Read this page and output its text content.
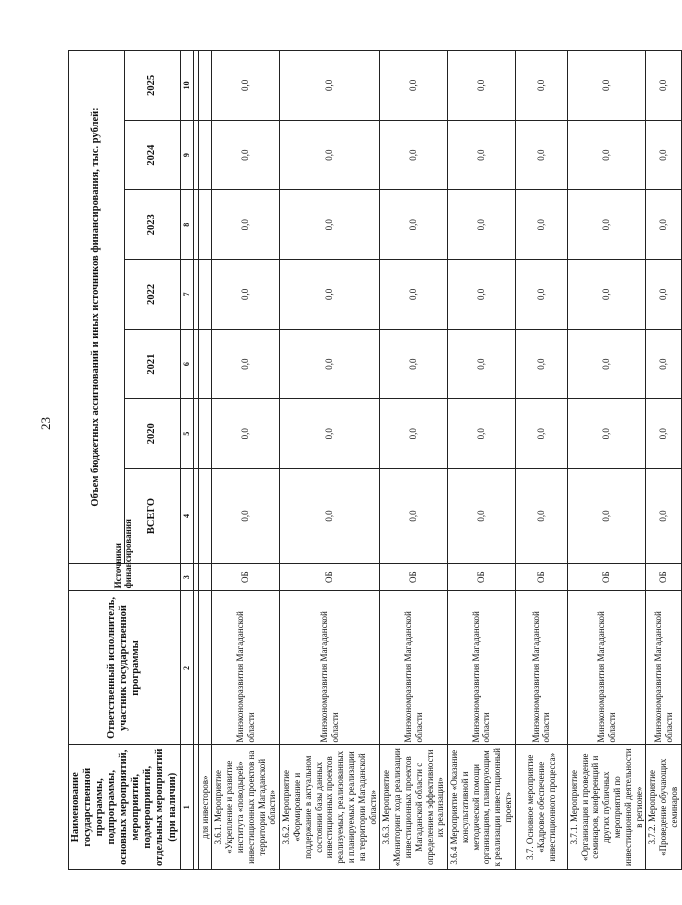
23
Наименование государственной программы, подпрограммы, основных мероприятий, мероприятий, подмероприятий, отдельных мероприятий (при наличии)	Ответственный исполнитель, участник государственной программы	Источники финансирования	Объем бюджетных ассигнований и иных источников финансирования, тыс. рублей:						
			ВСЕГО	2020	2021	2022	2023	2024	2025
1	2	3	4	5	6	7	8	9	10

для инвесторов»									
3.6.1. Мероприятие «Укрепление и развитие института «поводырей» инвестиционных проектов на территории Магаданской области»	Минэкономразвития Магаданской области	ОБ	0,0	0,0	0,0	0,0	0,0	0,0	0,0
3.6.2. Мероприятие «Формирование и поддержание в актуальном состоянии базы данных инвестиционных проектов реализуемых, реализованных и планируемых к реализации на территории Магаданской области»	Минэкономразвития Магаданской области	ОБ	0,0	0,0	0,0	0,0	0,0	0,0	0,0
3.6.3. Мероприятие «Мониторинг хода реализации инвестиционных проектов Магаданской области с определением эффективности их реализации»	Минэкономразвития Магаданской области	ОБ	0,0	0,0	0,0	0,0	0,0	0,0	0,0
3.6.4 Мероприятие «Оказание консультативной и методической помощи организациям, планирующим к реализации инвестиционный проект»	Минэкономразвития Магаданской области	ОБ	0,0	0,0	0,0	0,0	0,0	0,0	0,0
3.7. Основное мероприятие «Кадровое обеспечение инвестиционного процесса»	Минэкономразвития Магаданской области	ОБ	0,0	0,0	0,0	0,0	0,0	0,0	0,0
3.7.1. Мероприятие «Организация и проведение семинаров, конференций и других публичных мероприятий по инвестиционной деятельности в регионе»	Минэкономразвития Магаданской области	ОБ	0,0	0,0	0,0	0,0	0,0	0,0	0,0
3.7.2. Мероприятие «Проведение обучающих семинаров	Минэкономразвития Магаданской области	ОБ	0,0	0,0	0,0	0,0	0,0	0,0	0,0
